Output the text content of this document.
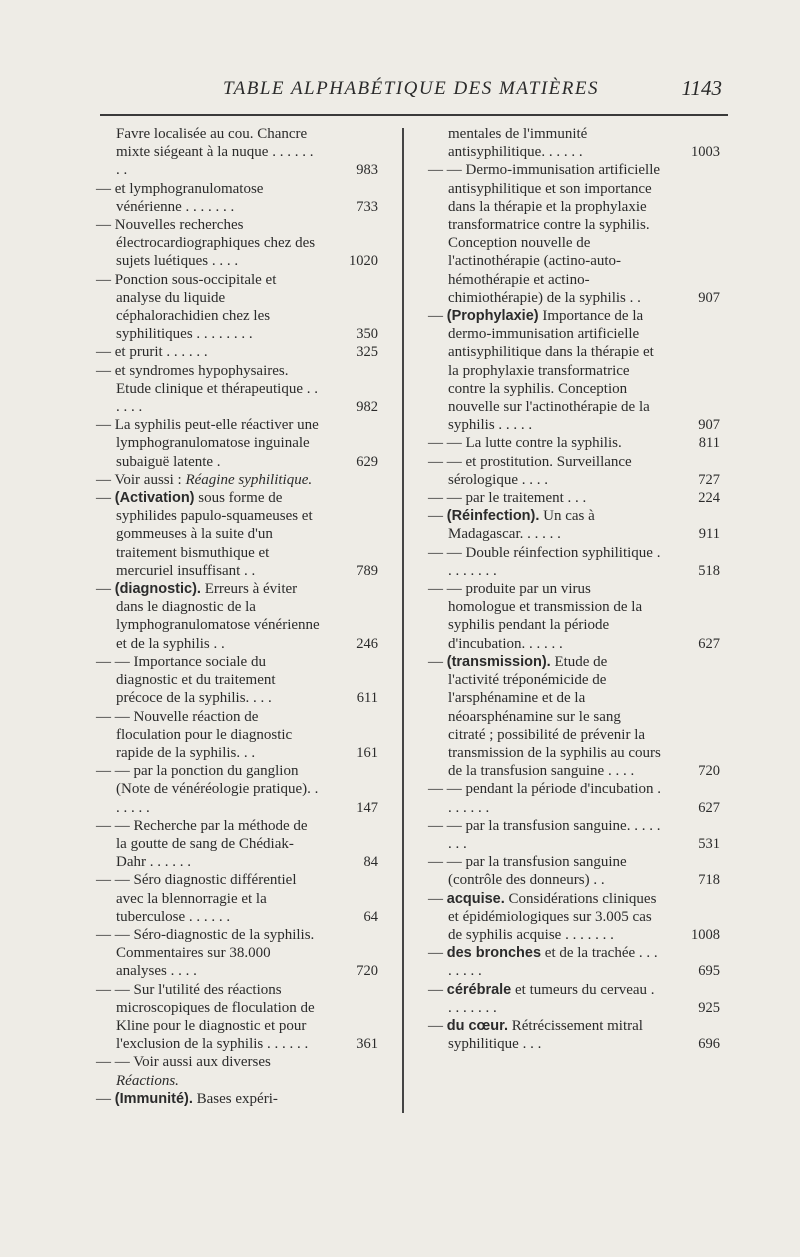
TABLE ALPHABÉTIQUE DES MATIÈRES	1143
Favre localisée au cou. Chancre mixte siégeant à la nuque . . . . . . . .	983
— et lymphogranulomatose vénérienne . . . . . . .	733
— Nouvelles recherches électrocardiographiques chez des sujets luétiques . . . .	1020
— Ponction sous-occipitale et analyse du liquide céphalorachidien chez les syphilitiques . . . . . . . .	350
— et prurit . . . . . .	325
— et syndromes hypophysaires. Etude clinique et thérapeutique . . . . . .	982
— La syphilis peut-elle réactiver une lymphogranulomatose inguinale subaiguë latente .	629
— Voir aussi : Réagine syphilitique.
— (Activation) sous forme de syphilides papulo-squameuses et gommeuses à la suite d'un traitement bismuthique et mercuriel insuffisant . .	789
— (diagnostic). Erreurs à éviter dans le diagnostic de la lymphogranulomatose vénérienne et de la syphilis . .	246
— — Importance sociale du diagnostic et du traitement précoce de la syphilis. . . .	611
— — Nouvelle réaction de floculation pour le diagnostic rapide de la syphilis. . .	161
— — par la ponction du ganglion (Note de vénéréologie pratique). . . . . . .	147
— — Recherche par la méthode de la goutte de sang de Chédiak-Dahr . . . . . .	84
— — Séro diagnostic différentiel avec la blennorragie et la tuberculose . . . . . .	64
— — Séro-diagnostic de la syphilis. Commentaires sur 38.000 analyses . . . .	720
— — Sur l'utilité des réactions microscopiques de floculation de Kline pour le diagnostic et pour l'exclusion de la syphilis . . . . . .	361
— — Voir aussi aux diverses Réactions.
— (Immunité). Bases expéri-
mentales de l'immunité antisyphilitique. . . . . .	1003
— — Dermo-immunisation artificielle antisyphilitique et son importance dans la thérapie et la prophylaxie transformatrice contre la syphilis. Conception nouvelle de l'actinothérapie (actino-auto-hémothérapie et actino-chimiothérapie) de la syphilis . .	907
— (Prophylaxie) Importance de la dermo-immunisation artificielle antisyphilitique dans la thérapie et la prophylaxie transformatrice contre la syphilis. Conception nouvelle sur l'actinothérapie de la syphilis . . . . .	907
— — La lutte contre la syphilis.	811
— — et prostitution. Surveillance sérologique . . . .	727
— — par le traitement . . .	224
— (Réinfection). Un cas à Madagascar. . . . . .	911
— — Double réinfection syphilitique . . . . . . . .	518
— — produite par un virus homologue et transmission de la syphilis pendant la période d'incubation. . . . . .	627
— (transmission). Etude de l'activité tréponémicide de l'arsphénamine et de la néoarsphénamine sur le sang citraté ; possibilité de prévenir la transmission de la syphilis au cours de la transfusion sanguine . . . .	720
— — pendant la période d'incubation . . . . . . .	627
— — par la transfusion sanguine. . . . . . . .	531
— — par la transfusion sanguine (contrôle des donneurs) . .	718
— acquise. Considérations cliniques et épidémiologiques sur 3.005 cas de syphilis acquise . . . . . . .	1008
— des bronches et de la trachée . . . . . . . .	695
— cérébrale et tumeurs du cerveau . . . . . . . .	925
— du cœur. Rétrécissement mitral syphilitique . . .	696
